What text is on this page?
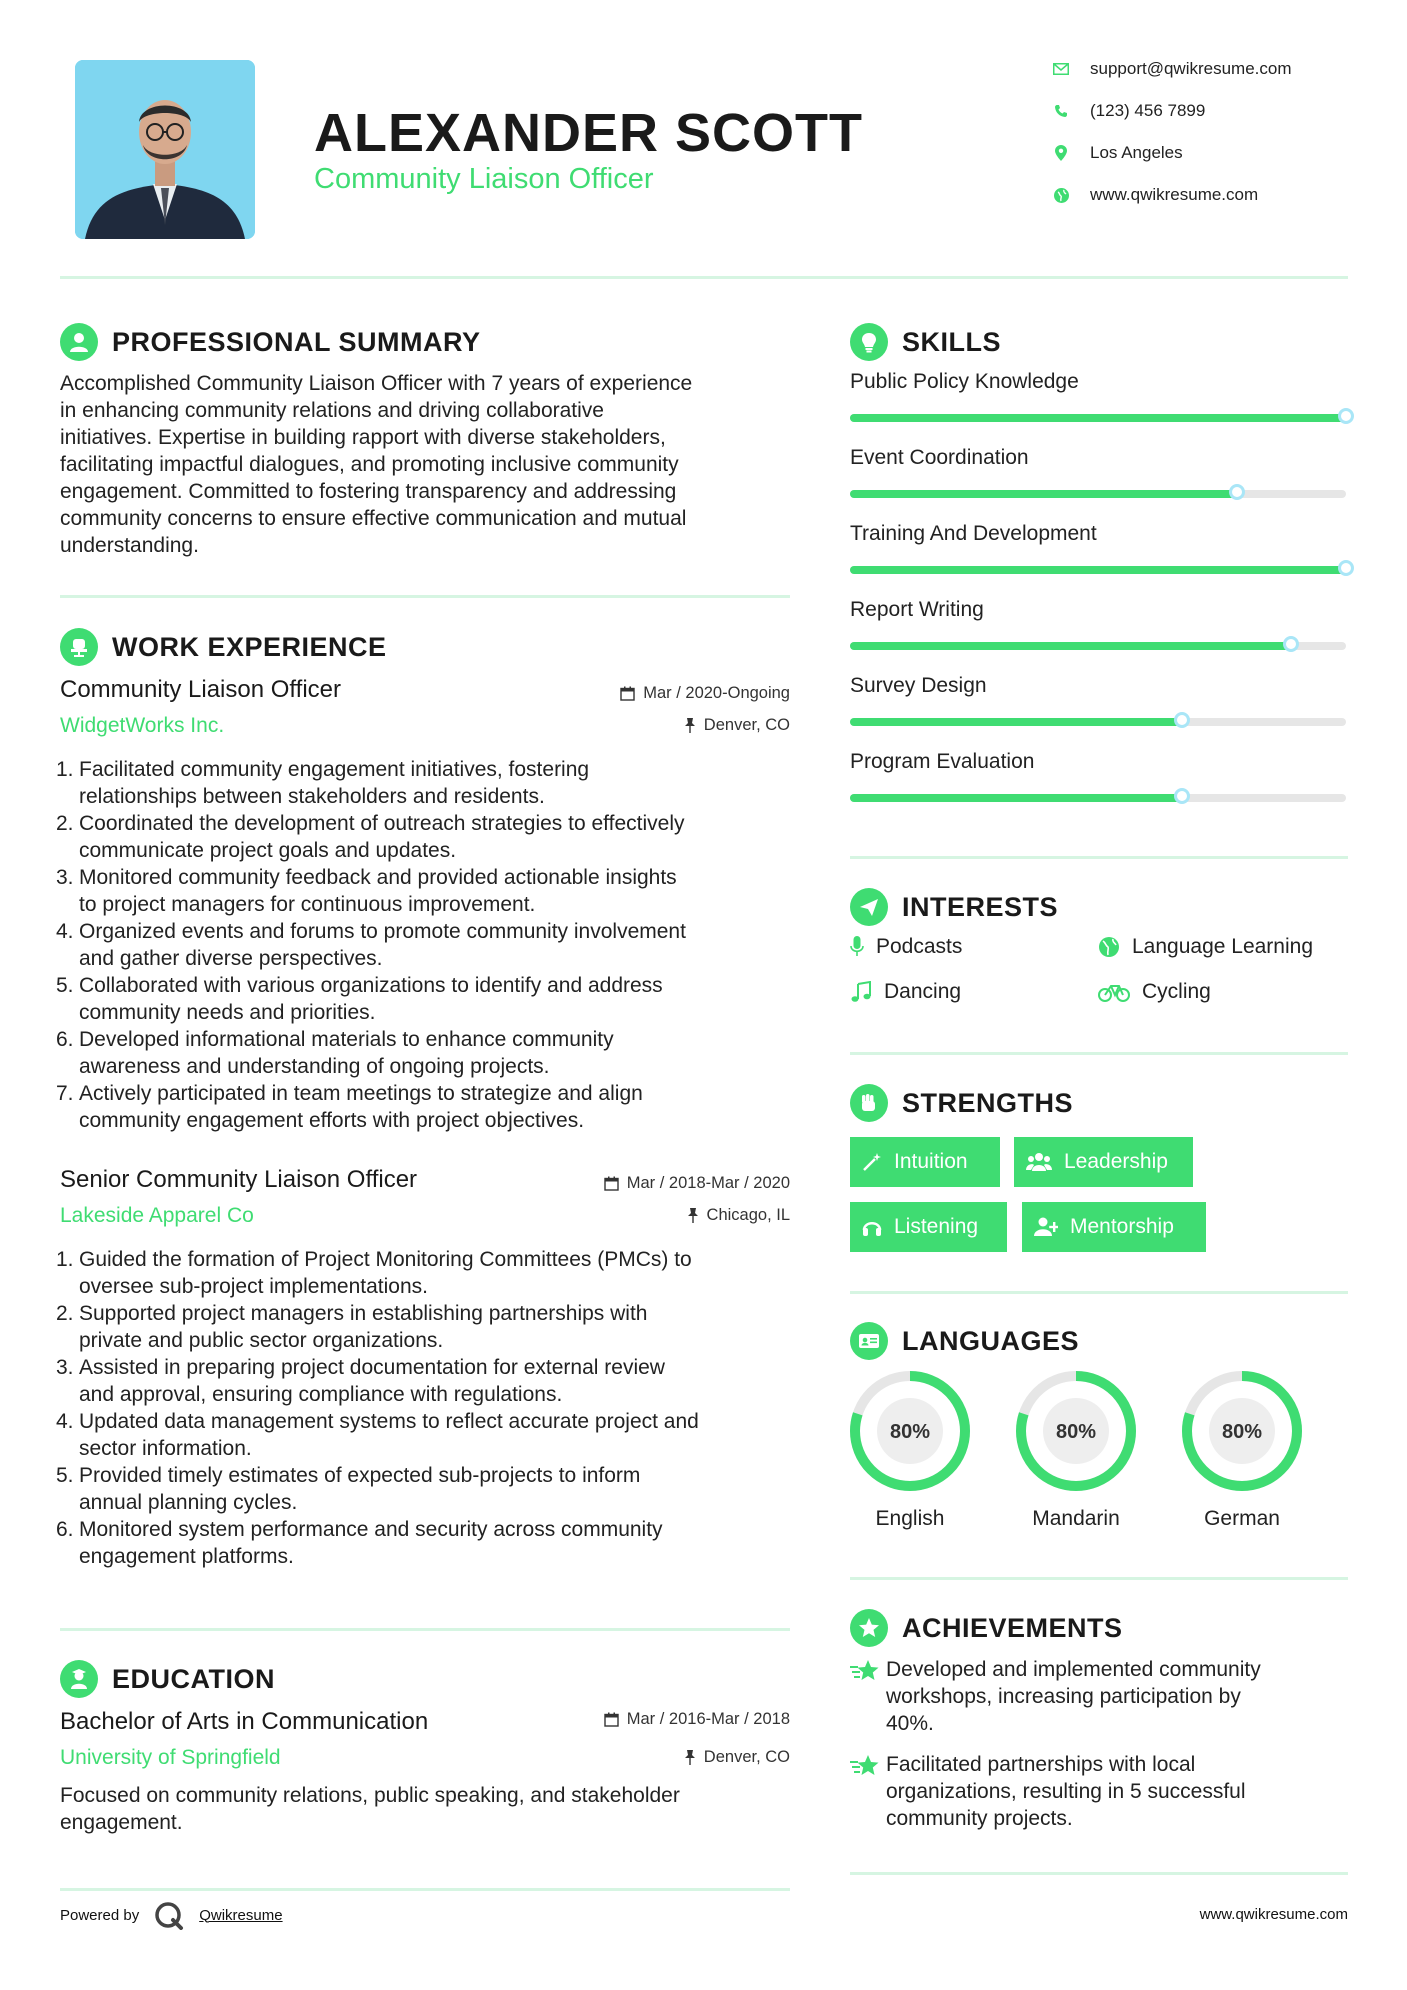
ALEXANDER SCOTT
Community Liaison Officer
support@qwikresume.com
(123) 456 7899
Los Angeles
www.qwikresume.com
PROFESSIONAL SUMMARY
Accomplished Community Liaison Officer with 7 years of experience
in enhancing community relations and driving collaborative
initiatives. Expertise in building rapport with diverse stakeholders,
facilitating impactful dialogues, and promoting inclusive community
engagement. Committed to fostering transparency and addressing
community concerns to ensure effective communication and mutual
understanding.
WORK EXPERIENCE
Community Liaison Officer	Mar / 2020-Ongoing
WidgetWorks Inc.	Denver, CO
1. Facilitated community engagement initiatives, fostering
relationships between stakeholders and residents.
2. Coordinated the development of outreach strategies to effectively
communicate project goals and updates.
3. Monitored community feedback and provided actionable insights
to project managers for continuous improvement.
4. Organized events and forums to promote community involvement
and gather diverse perspectives.
5. Collaborated with various organizations to identify and address
community needs and priorities.
6. Developed informational materials to enhance community
awareness and understanding of ongoing projects.
7. Actively participated in team meetings to strategize and align
community engagement efforts with project objectives.
Senior Community Liaison Officer	Mar / 2018-Mar / 2020
Lakeside Apparel Co	Chicago, IL
1. Guided the formation of Project Monitoring Committees (PMCs) to
oversee sub-project implementations.
2. Supported project managers in establishing partnerships with
private and public sector organizations.
3. Assisted in preparing project documentation for external review
and approval, ensuring compliance with regulations.
4. Updated data management systems to reflect accurate project and
sector information.
5. Provided timely estimates of expected sub-projects to inform
annual planning cycles.
6. Monitored system performance and security across community
engagement platforms.
EDUCATION
Bachelor of Arts in Communication	Mar / 2016-Mar / 2018
University of Springfield	Denver, CO
Focused on community relations, public speaking, and stakeholder
engagement.
Powered by	Qwikresume	www.qwikresume.com
SKILLS
Public Policy Knowledge
Event Coordination
Training And Development
Report Writing
Survey Design
Program Evaluation
INTERESTS
Podcasts	Language Learning
Dancing	Cycling
STRENGTHS
Intuition	Leadership
Listening	Mentorship
LANGUAGES
80%
English
80%
Mandarin
80%
German
ACHIEVEMENTS
Developed and implemented community
workshops, increasing participation by
40%.
Facilitated partnerships with local
organizations, resulting in 5 successful
community projects.
